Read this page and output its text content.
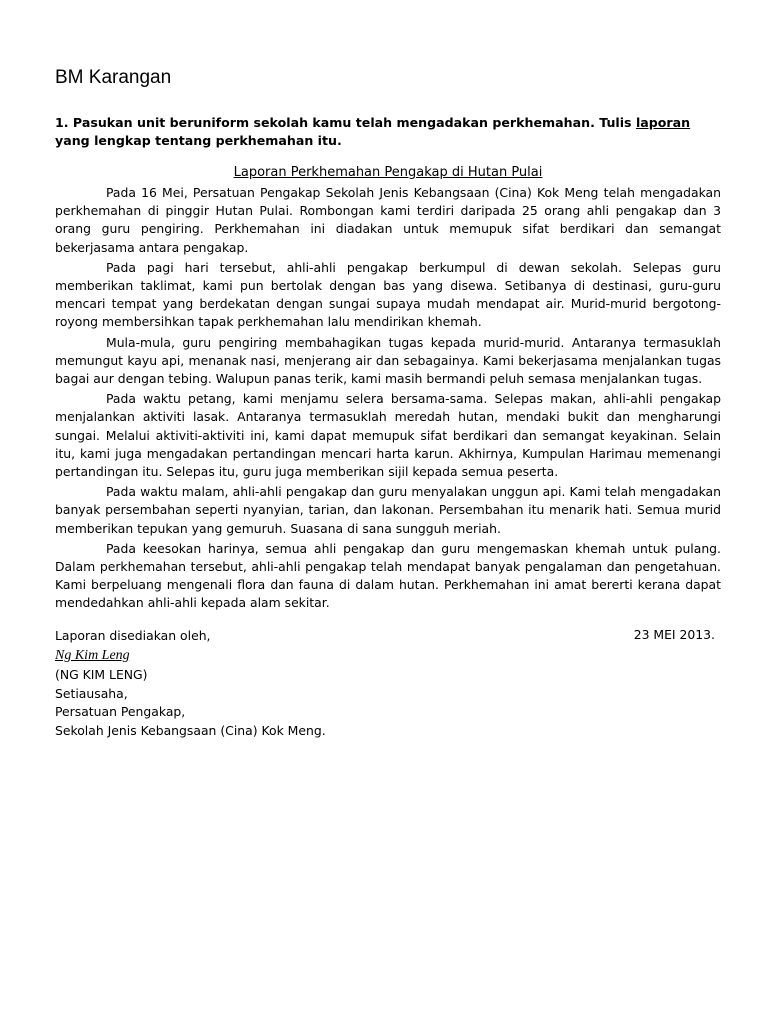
BM Karangan
1. Pasukan unit beruniform sekolah kamu telah mengadakan perkhemahan. Tulis laporan yang lengkap tentang perkhemahan itu.
Laporan Perkhemahan Pengakap di Hutan Pulai

Pada 16 Mei, Persatuan Pengakap Sekolah Jenis Kebangsaan (Cina) Kok Meng telah mengadakan perkhemahan di pinggir Hutan Pulai. Rombongan kami terdiri daripada 25 orang ahli pengakap dan 3 orang guru pengiring. Perkhemahan ini diadakan untuk memupuk sifat berdikari dan semangat bekerjasama antara pengakap.

Pada pagi hari tersebut, ahli-ahli pengakap berkumpul di dewan sekolah. Selepas guru memberikan taklimat, kami pun bertolak dengan bas yang disewa. Setibanya di destinasi, guru-guru mencari tempat yang berdekatan dengan sungai supaya mudah mendapat air. Murid-murid bergotong-royong membersihkan tapak perkhemahan lalu mendirikan khemah.

Mula-mula, guru pengiring membahagikan tugas kepada murid-murid. Antaranya termasuklah memungut kayu api, menanak nasi, menjerang air dan sebagainya. Kami bekerjasama menjalankan tugas bagai aur dengan tebing. Walupun panas terik, kami masih bermandi peluh semasa menjalankan tugas.

Pada waktu petang, kami menjamu selera bersama-sama. Selepas makan, ahli-ahli pengakap menjalankan aktiviti lasak. Antaranya termasuklah meredah hutan, mendaki bukit dan mengharungi sungai. Melalui aktiviti-aktiviti ini, kami dapat memupuk sifat berdikari dan semangat keyakinan. Selain itu, kami juga mengadakan pertandingan mencari harta karun. Akhirnya, Kumpulan Harimau memenangi pertandingan itu. Selepas itu, guru juga memberikan sijil kepada semua peserta.

Pada waktu malam, ahli-ahli pengakap dan guru menyalakan unggun api. Kami telah mengadakan banyak persembahan seperti nyanyian, tarian, dan lakonan. Persembahan itu menarik hati. Semua murid memberikan tepukan yang gemuruh. Suasana di sana sungguh meriah.

Pada keesokan harinya, semua ahli pengakap dan guru mengemaskan khemah untuk pulang. Dalam perkhemahan tersebut, ahli-ahli pengakap telah mendapat banyak pengalaman dan pengetahuan. Kami berpeluang mengenali flora dan fauna di dalam hutan. Perkhemahan ini amat bererti kerana dapat mendedahkan ahli-ahli kepada alam sekitar.

Laporan disediakan oleh,
Ng Kim Leng
(NG KIM LENG)
Setiausaha,
Persatuan Pengakap,
Sekolah Jenis Kebangsaan (Cina) Kok Meng.
23 MEI 2013.
